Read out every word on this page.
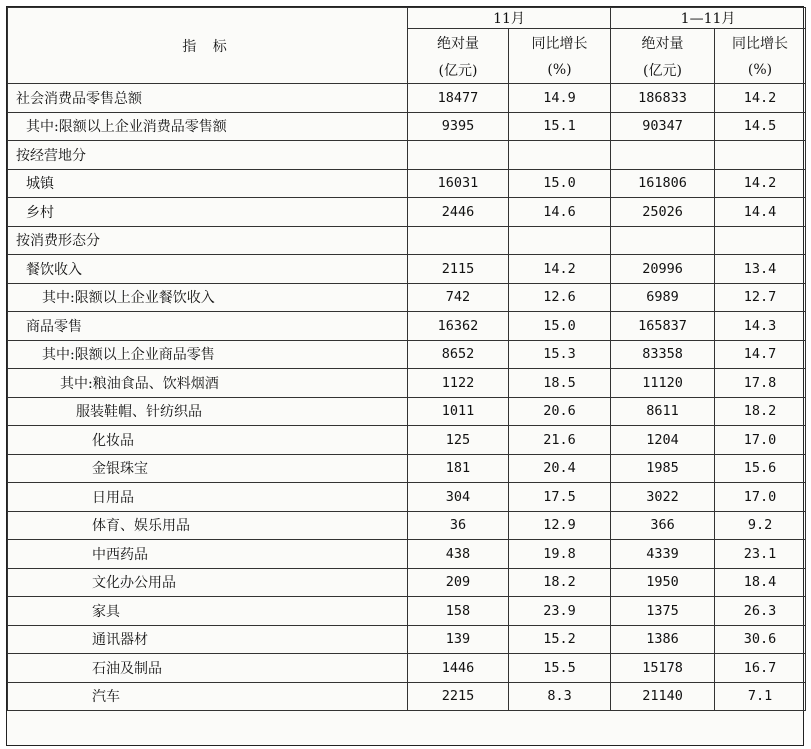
指 标	11月		1—11月	
	绝对量	同比增长	绝对量	同比增长
	(亿元)	(%)	(亿元)	(%)
社会消费品零售总额	18477	14.9	186833	14.2
其中:限额以上企业消费品零售额	9395	15.1	90347	14.5
按经营地分				
城镇	16031	15.0	161806	14.2
乡村	2446	14.6	25026	14.4
按消费形态分				
餐饮收入	2115	14.2	20996	13.4
其中:限额以上企业餐饮收入	742	12.6	6989	12.7
商品零售	16362	15.0	165837	14.3
其中:限额以上企业商品零售	8652	15.3	83358	14.7
其中:粮油食品、饮料烟酒	1122	18.5	11120	17.8
服装鞋帽、针纺织品	1011	20.6	8611	18.2
化妆品	125	21.6	1204	17.0
金银珠宝	181	20.4	1985	15.6
日用品	304	17.5	3022	17.0
体育、娱乐用品	36	12.9	366	9.2
中西药品	438	19.8	4339	23.1
文化办公用品	209	18.2	1950	18.4
家具	158	23.9	1375	26.3
通讯器材	139	15.2	1386	30.6
石油及制品	1446	15.5	15178	16.7
汽车	2215	8.3	21140	7.1
